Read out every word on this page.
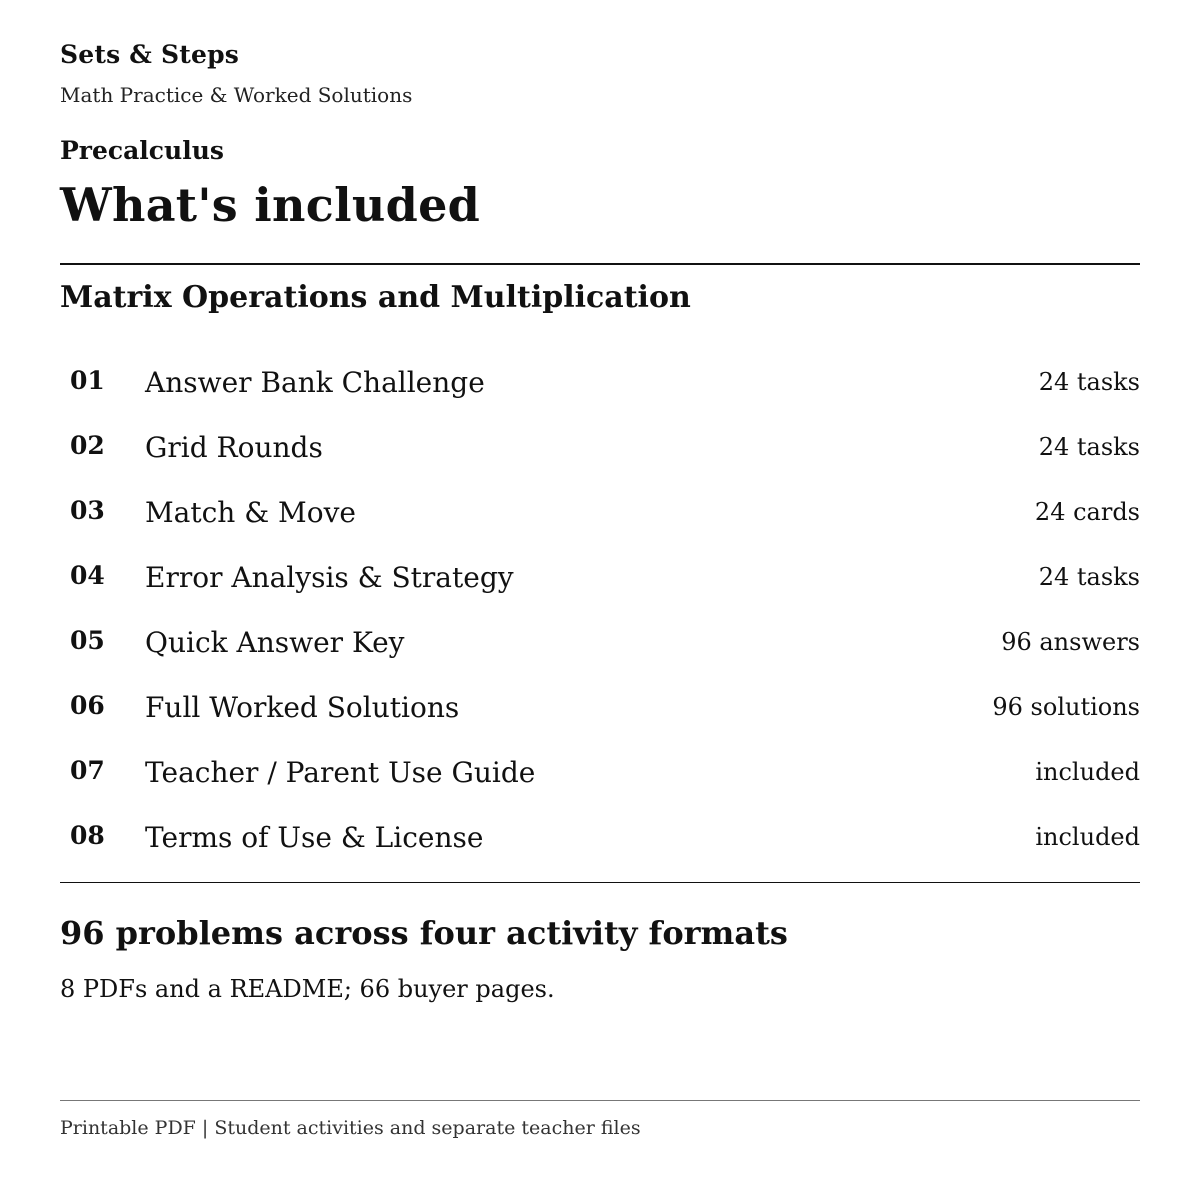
Sets & Steps
Math Practice & Worked Solutions
Precalculus
What's included
Matrix Operations and Multiplication
01 Answer Bank Challenge	24 tasks
02 Grid Rounds	24 tasks
03 Match & Move	24 cards
04 Error Analysis & Strategy	24 tasks
05 Quick Answer Key	96 answers
06 Full Worked Solutions	96 solutions
07 Teacher / Parent Use Guide	included
08 Terms of Use & License	included
96 problems across four activity formats
8 PDFs and a README; 66 buyer pages.
Printable PDF | Student activities and separate teacher files
